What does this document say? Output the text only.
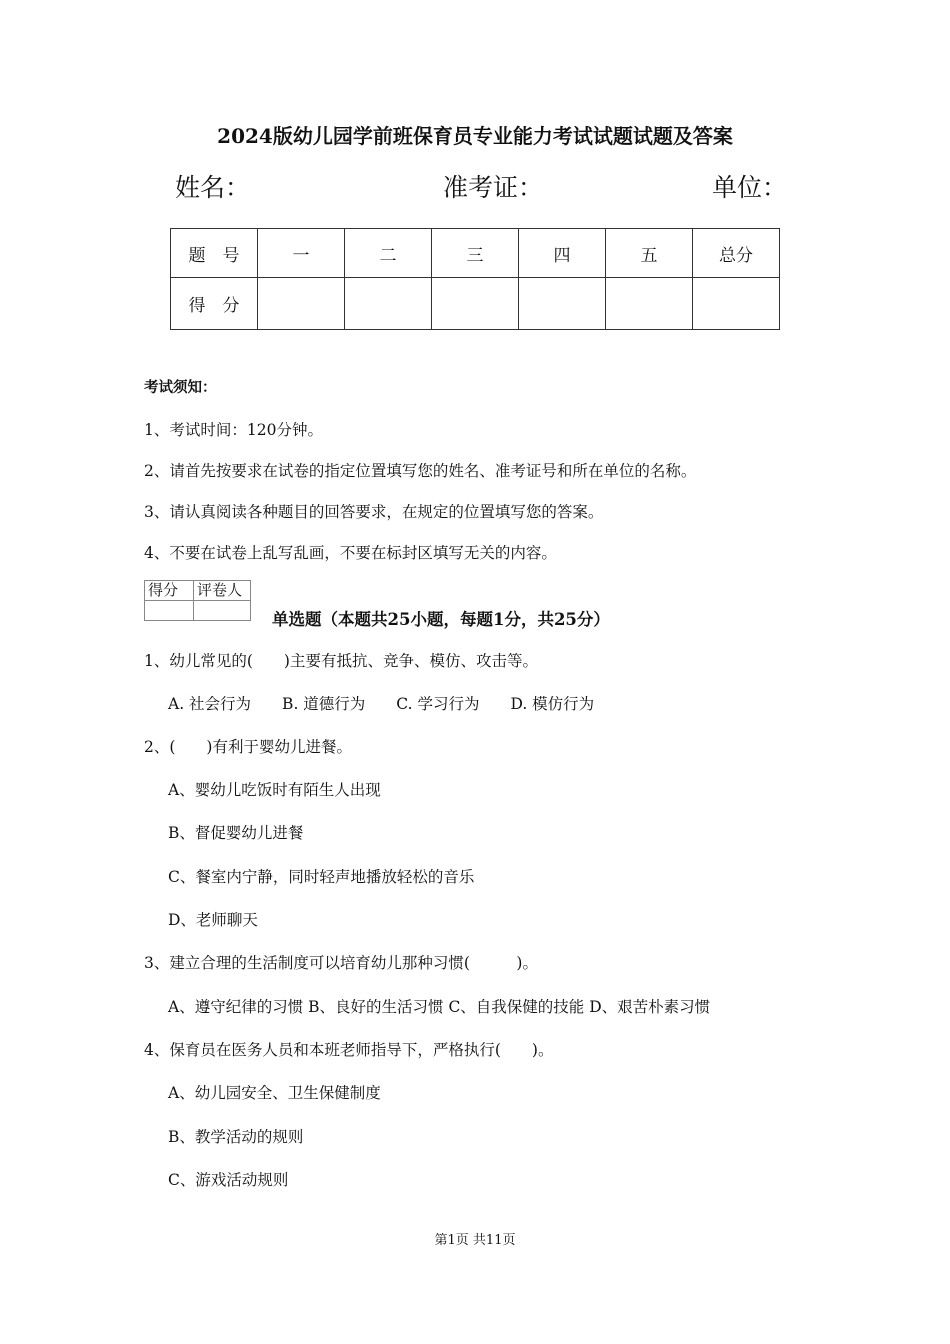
2024版幼儿园学前班保育员专业能力考试试题试题及答案
姓名：	准考证：	单位：
题　号	一	二	三	四	五	总分
得　分						
考试须知：
1、考试时间：120分钟。
2、请首先按要求在试卷的指定位置填写您的姓名、准考证号和所在单位的名称。
3、请认真阅读各种题目的回答要求，在规定的位置填写您的答案。
4、不要在试卷上乱写乱画，不要在标封区填写无关的内容。
得分	评卷人

单选题（本题共25小题，每题1分，共25分）
1、幼儿常见的(　　)主要有抵抗、竞争、模仿、攻击等。
A. 社会行为　　B. 道德行为　　C. 学习行为　　D. 模仿行为
2、(　　)有利于婴幼儿进餐。
A、婴幼儿吃饭时有陌生人出现
B、督促婴幼儿进餐
C、餐室内宁静，同时轻声地播放轻松的音乐
D、老师聊天
3、建立合理的生活制度可以培育幼儿那种习惯(　　　)。
A、遵守纪律的习惯 B、良好的生活习惯 C、自我保健的技能 D、艰苦朴素习惯
4、保育员在医务人员和本班老师指导下，严格执行(　　)。
A、幼儿园安全、卫生保健制度
B、教学活动的规则
C、游戏活动规则
第1页 共11页
